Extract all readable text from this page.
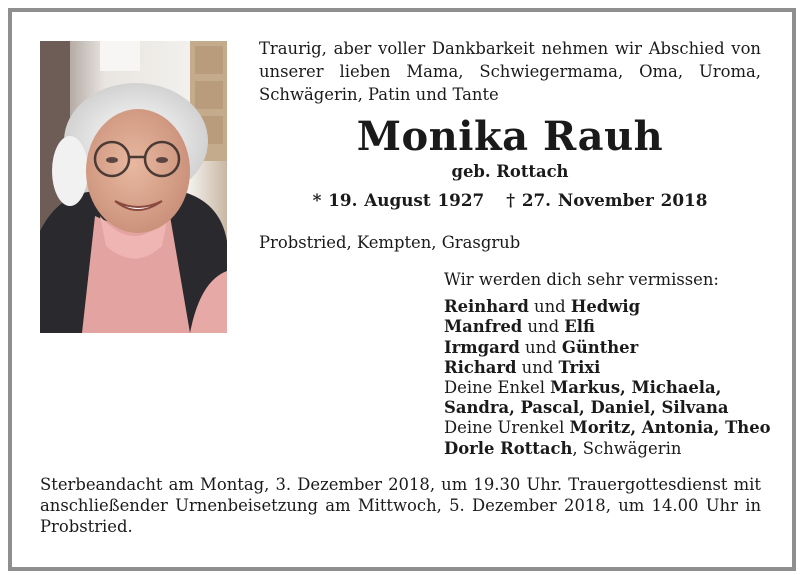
Traurig, aber voller Dankbarkeit nehmen wir Abschied von unserer lieben Mama, Schwiegermama, Oma, Uroma, Schwägerin, Patin und Tante
Monika Rauh
geb. Rottach
* 19. August 1927 † 27. November 2018
Probstried, Kempten, Grasgrub
Wir werden dich sehr vermissen:
Reinhard und Hedwig
Manfred und Elfi
Irmgard und Günther
Richard und Trixi
Deine Enkel Markus, Michaela,
Sandra, Pascal, Daniel, Silvana
Deine Urenkel Moritz, Antonia, Theo
Dorle Rottach, Schwägerin
Sterbeandacht am Montag, 3. Dezember 2018, um 19.30 Uhr. Trauergottesdienst mit anschließender Urnenbeisetzung am Mittwoch, 5. Dezember 2018, um 14.00 Uhr in Probstried.
